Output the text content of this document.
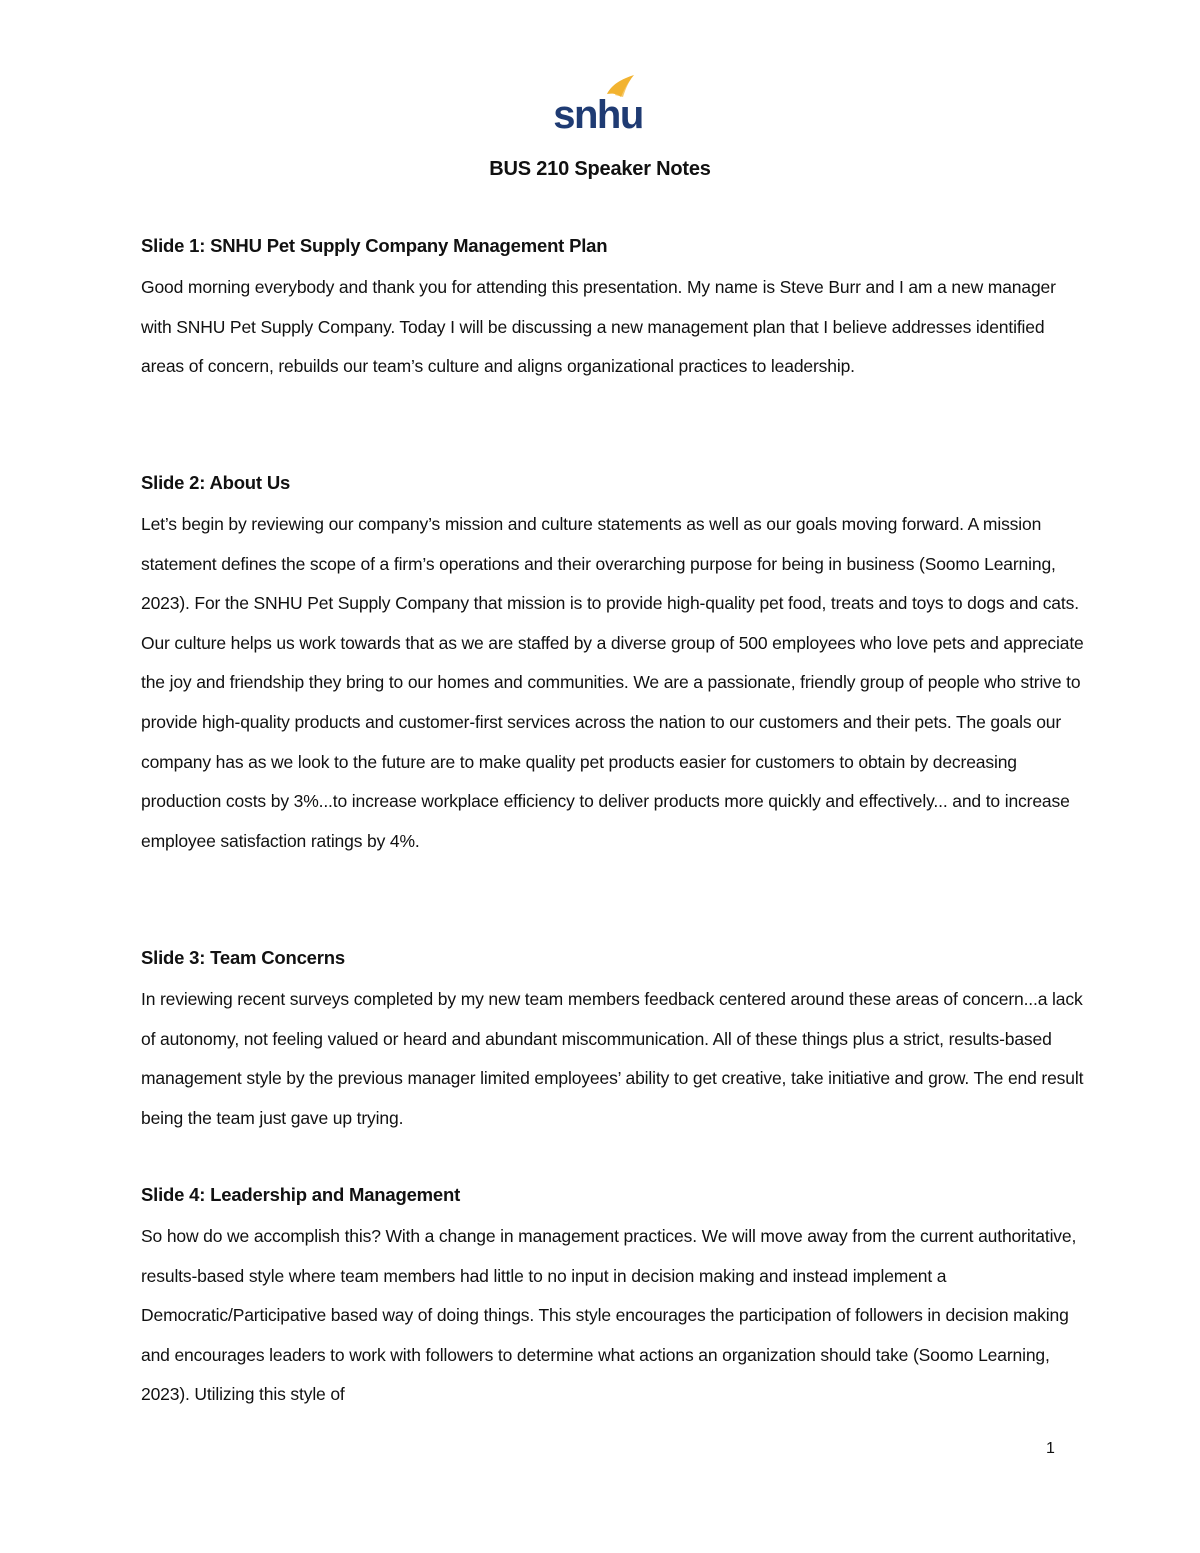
snhu
BUS 210 Speaker Notes
Slide 1: SNHU Pet Supply Company Management Plan

Good morning everybody and thank you for attending this presentation. My name is Steve Burr and I am a new manager with SNHU Pet Supply Company. Today I will be discussing a new management plan that I believe addresses identified areas of concern, rebuilds our team’s culture and aligns organizational practices to leadership.

Slide 2: About Us

Let’s begin by reviewing our company’s mission and culture statements as well as our goals moving forward. A mission statement defines the scope of a firm’s operations and their overarching purpose for being in business (Soomo Learning, 2023). For the SNHU Pet Supply Company that mission is to provide high-quality pet food, treats and toys to dogs and cats. Our culture helps us work towards that as we are staffed by a diverse group of 500 employees who love pets and appreciate the joy and friendship they bring to our homes and communities. We are a passionate, friendly group of people who strive to provide high-quality products and customer-first services across the nation to our customers and their pets. The goals our company has as we look to the future are to make quality pet products easier for customers to obtain by decreasing production costs by 3%...to increase workplace efficiency to deliver products more quickly and effectively... and to increase employee satisfaction ratings by 4%.

Slide 3: Team Concerns

In reviewing recent surveys completed by my new team members feedback centered around these areas of concern...a lack of autonomy, not feeling valued or heard and abundant miscommunication. All of these things plus a strict, results-based management style by the previous manager limited employees’ ability to get creative, take initiative and grow. The end result being the team just gave up trying.

Slide 4: Leadership and Management

So how do we accomplish this? With a change in management practices. We will move away from the current authoritative, results-based style where team members had little to no input in decision making and instead implement a Democratic/Participative based way of doing things. This style encourages the participation of followers in decision making and encourages leaders to work with followers to determine what actions an organization should take (Soomo Learning, 2023). Utilizing this style of

1
